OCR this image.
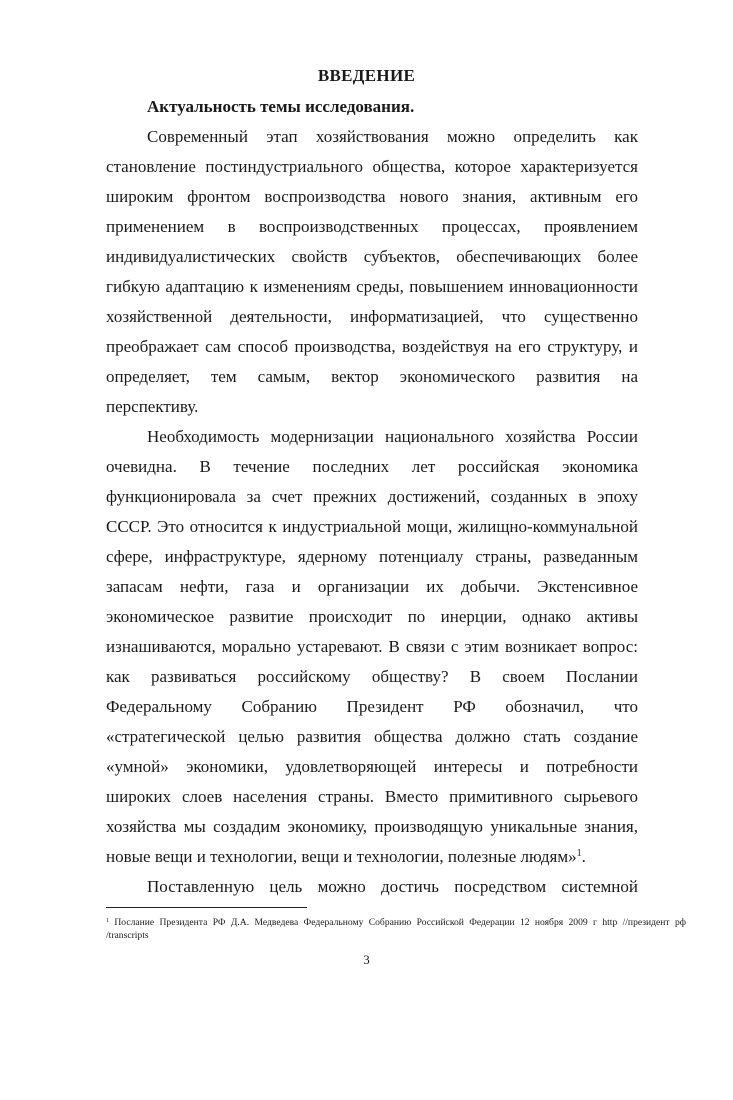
ВВЕДЕНИЕ
Актуальность темы исследования.
Современный этап хозяйствования можно определить как
становление постиндустриального общества, которое характеризуется
широким фронтом воспроизводства нового знания, активным его
применением в воспроизводственных процессах, проявлением
индивидуалистических свойств субъектов, обеспечивающих более
гибкую адаптацию к изменениям среды, повышением инновационности
хозяйственной деятельности, информатизацией, что существенно
преображает сам способ производства, воздействуя на его структуру, и
определяет, тем самым, вектор экономического развития на
перспективу.
Необходимость модернизации национального хозяйства России
очевидна. В течение последних лет российская экономика
функционировала за счет прежних достижений, созданных в эпоху
СССР. Это относится к индустриальной мощи, жилищно-коммунальной
сфере, инфраструктуре, ядерному потенциалу страны, разведанным
запасам нефти, газа и организации их добычи. Экстенсивное
экономическое развитие происходит по инерции, однако активы
изнашиваются, морально устаревают. В связи с этим возникает вопрос:
как развиваться российскому обществу? В своем Послании
Федеральному Собранию Президент РФ обозначил, что
«стратегической целью развития общества должно стать создание
«умной» экономики, удовлетворяющей интересы и потребности
широких слоев населения страны. Вместо примитивного сырьевого
хозяйства мы создадим экономику, производящую уникальные знания,
новые вещи и технологии, вещи и технологии, полезные людям»$^1$.
Поставленную цель можно достичь посредством системной
$^1$ Послание Президента РФ Д.А. Медведева Федеральному Собранию Российской Федерации 12 ноября 2009 г http //президент рф
/transcripts
3
